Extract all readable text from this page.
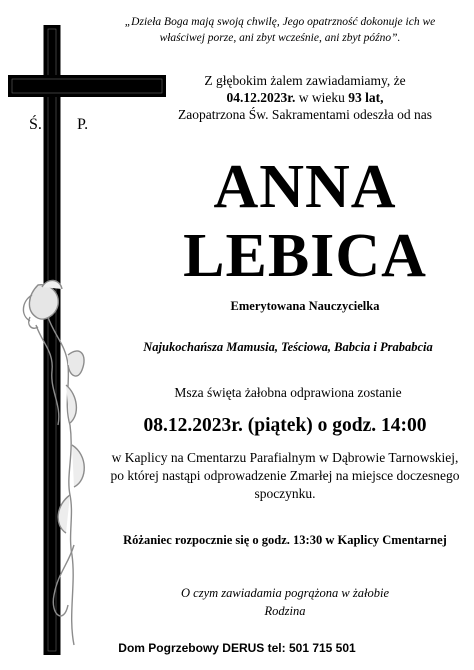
„Dzieła Boga mają swoją chwilę, Jego opatrzność dokonuje ich we
właściwej porze, ani zbyt wcześnie, ani zbyt późno”.
Z głębokim żalem zawiadamiamy, że
04.12.2023r. w wieku 93 lat,
Zaopatrzona Św. Sakramentami odeszła od nas
Ś. P.
ANNA
LEBICA
Emerytowana Nauczycielka
Najukochańsza Mamusia, Teściowa, Babcia i Prababcia
Msza święta żałobna odprawiona zostanie
08.12.2023r. (piątek) o godz. 14:00
w Kaplicy na Cmentarzu Parafialnym w Dąbrowie Tarnowskiej,
po której nastąpi odprowadzenie Zmarłej na miejsce doczesnego
spoczynku.
Różaniec rozpocznie się o godz. 13:30 w Kaplicy Cmentarnej
O czym zawiadamia pogrążona w żałobie
Rodzina
Dom Pogrzebowy DERUS tel: 501 715 501
